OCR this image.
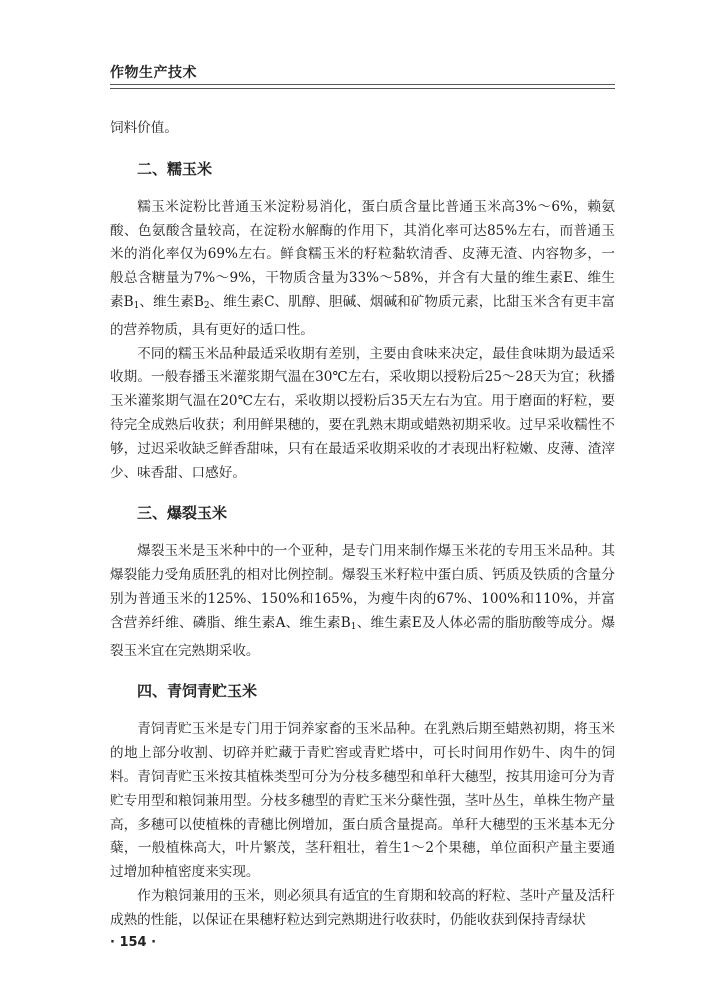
作物生产技术

饲料价值。

二、糯玉米

糯玉米淀粉比普通玉米淀粉易消化，蛋白质含量比普通玉米高3%～6%，赖氨酸、色氨酸含量较高，在淀粉水解酶的作用下，其消化率可达85%左右，而普通玉米的消化率仅为69%左右。鲜食糯玉米的籽粒黏软清香、皮薄无渣、内容物多，一般总含糖量为7%～9%，干物质含量为33%～58%，并含有大量的维生素E、维生素$B_1$、维生素$B_2$、维生素C、肌醇、胆碱、烟碱和矿物质元素，比甜玉米含有更丰富的营养物质，具有更好的适口性。

不同的糯玉米品种最适采收期有差别，主要由食味来决定，最佳食味期为最适采收期。一般春播玉米灌浆期气温在30℃左右，采收期以授粉后25～28天为宜；秋播玉米灌浆期气温在20℃左右，采收期以授粉后35天左右为宜。用于磨面的籽粒，要待完全成熟后收获；利用鲜果穗的，要在乳熟末期或蜡熟初期采收。过早采收糯性不够，过迟采收缺乏鲜香甜味，只有在最适采收期采收的才表现出籽粒嫩、皮薄、渣滓少、味香甜、口感好。

三、爆裂玉米

爆裂玉米是玉米种中的一个亚种，是专门用来制作爆玉米花的专用玉米品种。其爆裂能力受角质胚乳的相对比例控制。爆裂玉米籽粒中蛋白质、钙质及铁质的含量分别为普通玉米的125%、150%和165%，为瘦牛肉的67%、100%和110%，并富含营养纤维、磷脂、维生素A、维生素$B_1$、维生素E及人体必需的脂肪酸等成分。爆裂玉米宜在完熟期采收。

四、青饲青贮玉米

青饲青贮玉米是专门用于饲养家畜的玉米品种。在乳熟后期至蜡熟初期，将玉米的地上部分收割、切碎并贮藏于青贮窖或青贮塔中，可长时间用作奶牛、肉牛的饲料。青饲青贮玉米按其植株类型可分为分枝多穗型和单秆大穗型，按其用途可分为青贮专用型和粮饲兼用型。分枝多穗型的青贮玉米分蘖性强，茎叶丛生，单株生物产量高，多穗可以使植株的青穗比例增加，蛋白质含量提高。单秆大穗型的玉米基本无分蘖，一般植株高大，叶片繁茂，茎秆粗壮，着生1～2个果穗，单位面积产量主要通过增加种植密度来实现。

作为粮饲兼用的玉米，则必须具有适宜的生育期和较高的籽粒、茎叶产量及活秆成熟的性能，以保证在果穗籽粒达到完熟期进行收获时，仍能收获到保持青绿状

· 154 ·
